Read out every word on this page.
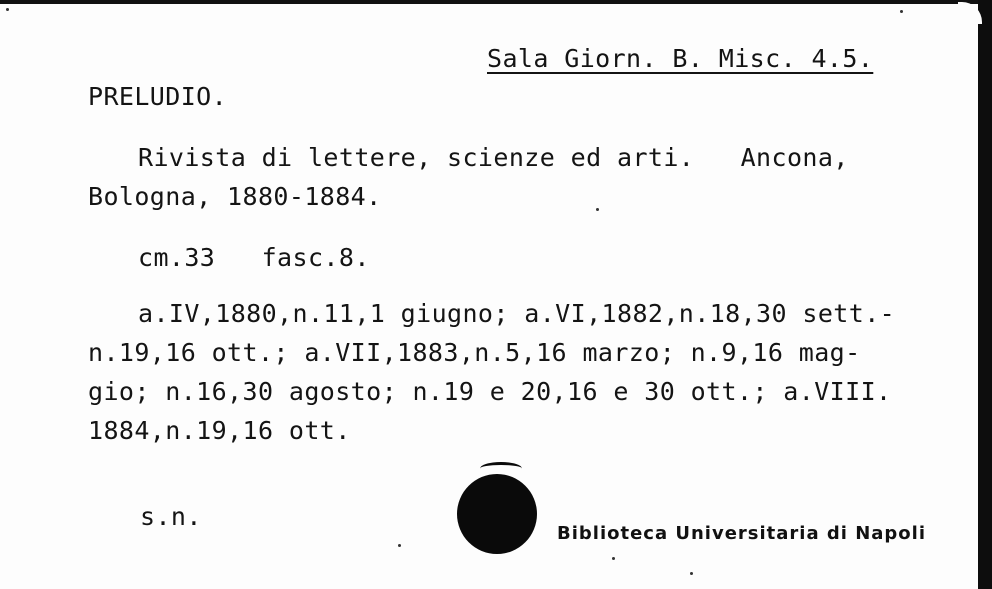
Sala Giorn. B. Misc. 4.5.
PRELUDIO.
Rivista di lettere, scienze ed arti.   Ancona,
Bologna, 1880-1884.
cm.33   fasc.8.
a.IV,1880,n.11,1 giugno; a.VI,1882,n.18,30 sett.-
n.19,16 ott.; a.VII,1883,n.5,16 marzo; n.9,16 mag-
gio; n.16,30 agosto; n.19 e 20,16 e 30 ott.; a.VIII.
1884,n.19,16 ott.
s.n.
Biblioteca Universitaria di Napoli
